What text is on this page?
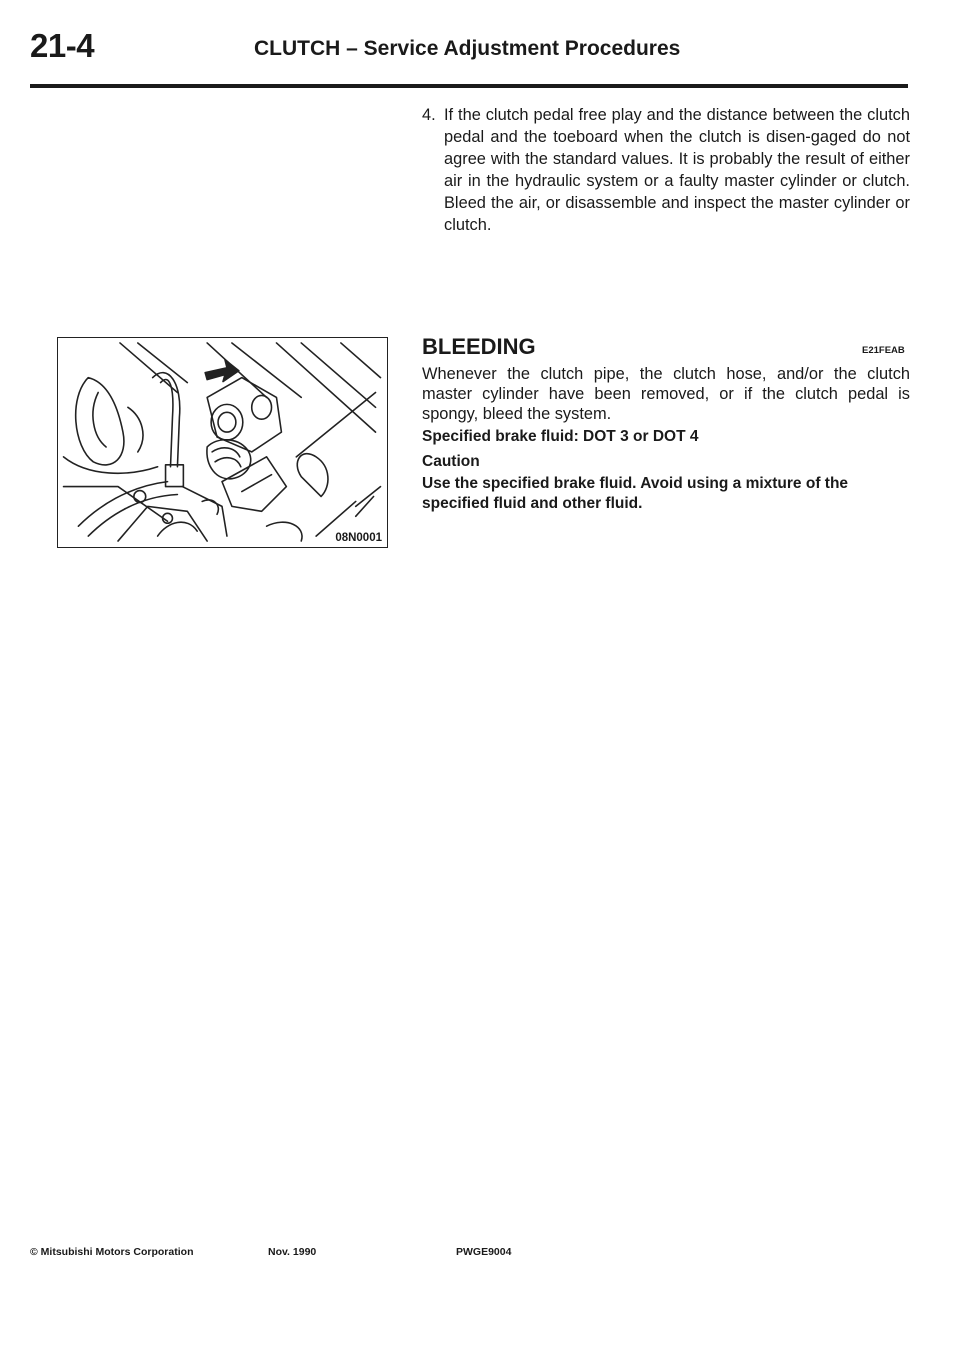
21-4	CLUTCH – Service Adjustment Procedures
4. If the clutch pedal free play and the distance between the clutch pedal and the toeboard when the clutch is disen-gaged do not agree with the standard values. It is probably the result of either air in the hydraulic system or a faulty master cylinder or clutch. Bleed the air, or disassemble and inspect the master cylinder or clutch.
08N0001
BLEEDING	E21FEAB
Whenever the clutch pipe, the clutch hose, and/or the clutch master cylinder have been removed, or if the clutch pedal is spongy, bleed the system.
Specified brake fluid: DOT 3 or DOT 4
Caution
Use the specified brake fluid. Avoid using a mixture of the specified fluid and other fluid.
© Mitsubishi Motors Corporation	Nov. 1990	PWGE9004
